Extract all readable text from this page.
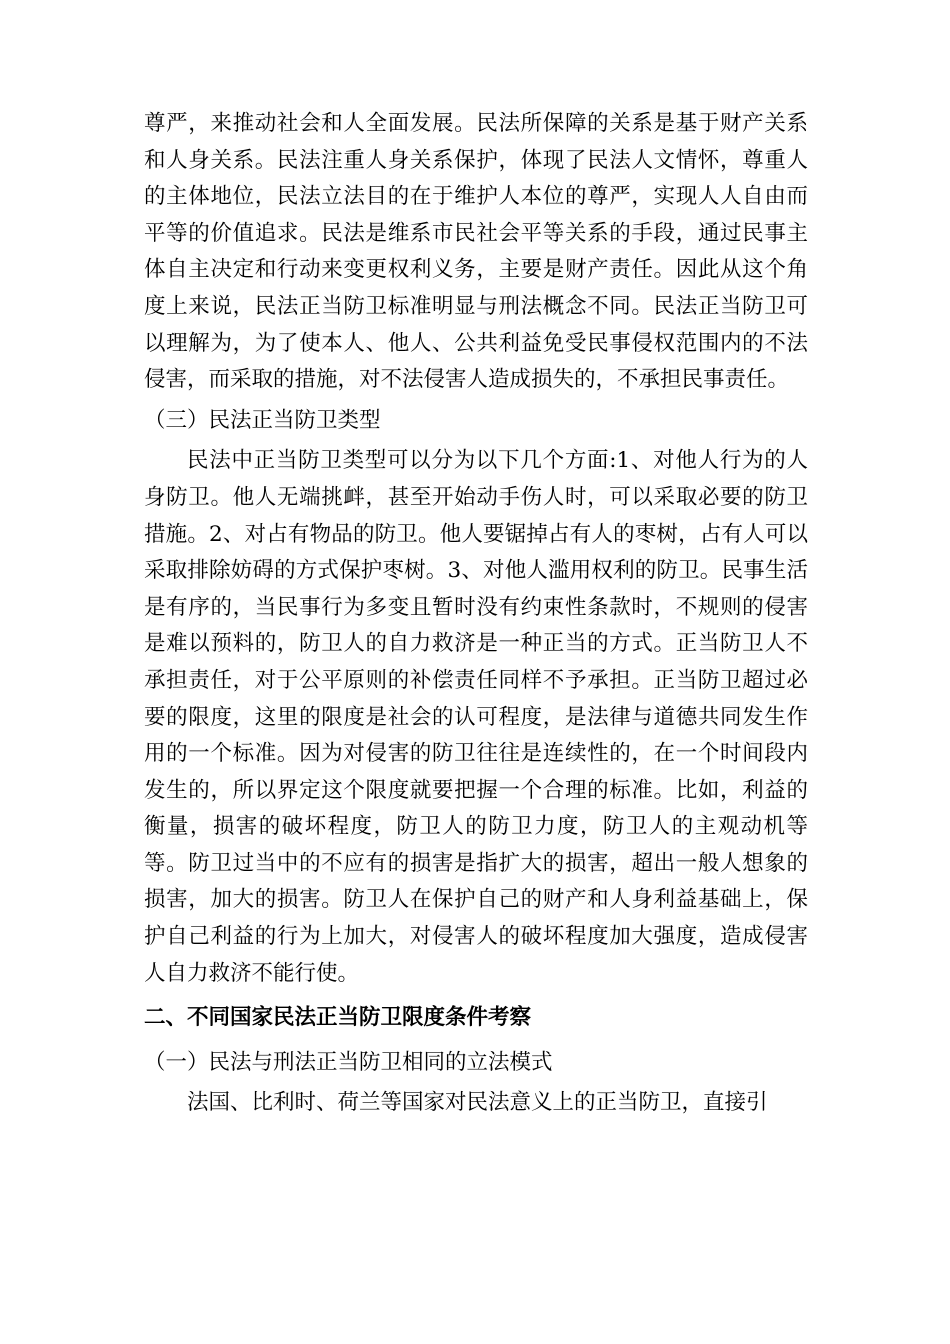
尊严，来推动社会和人全面发展。民法所保障的关系是基于财产关系和人身关系。民法注重人身关系保护，体现了民法人文情怀，尊重人的主体地位，民法立法目的在于维护人本位的尊严，实现人人自由而平等的价值追求。民法是维系市民社会平等关系的手段，通过民事主体自主决定和行动来变更权利义务，主要是财产责任。因此从这个角度上来说，民法正当防卫标准明显与刑法概念不同。民法正当防卫可以理解为，为了使本人、他人、公共利益免受民事侵权范围内的不法侵害，而采取的措施，对不法侵害人造成损失的，不承担民事责任。

（三）民法正当防卫类型

民法中正当防卫类型可以分为以下几个方面:1、对他人行为的人身防卫。他人无端挑衅，甚至开始动手伤人时，可以采取必要的防卫措施。2、对占有物品的防卫。他人要锯掉占有人的枣树，占有人可以采取排除妨碍的方式保护枣树。3、对他人滥用权利的防卫。民事生活是有序的，当民事行为多变且暂时没有约束性条款时，不规则的侵害是难以预料的，防卫人的自力救济是一种正当的方式。正当防卫人不承担责任，对于公平原则的补偿责任同样不予承担。正当防卫超过必要的限度，这里的限度是社会的认可程度，是法律与道德共同发生作用的一个标准。因为对侵害的防卫往往是连续性的，在一个时间段内发生的，所以界定这个限度就要把握一个合理的标准。比如，利益的衡量，损害的破坏程度，防卫人的防卫力度，防卫人的主观动机等等。防卫过当中的不应有的损害是指扩大的损害，超出一般人想象的损害，加大的损害。防卫人在保护自己的财产和人身利益基础上，保护自己利益的行为上加大，对侵害人的破坏程度加大强度，造成侵害人自力救济不能行使。

二、不同国家民法正当防卫限度条件考察

（一）民法与刑法正当防卫相同的立法模式

法国、比利时、荷兰等国家对民法意义上的正当防卫，直接引
